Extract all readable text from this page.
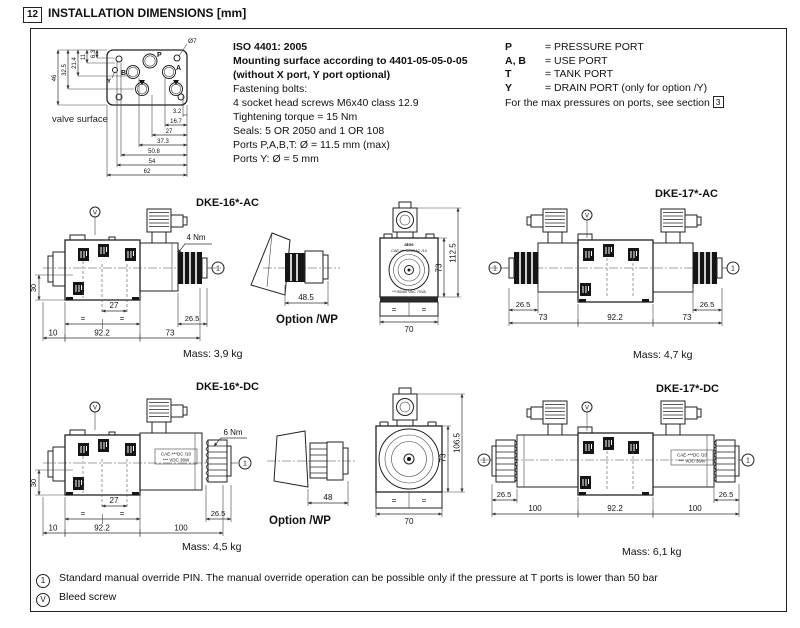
12 INSTALLATION DIMENSIONS [mm]
P
Ø7
B
A
Y
46
32.5
21.4
11 6.3
3.2
16.7
27
37.3
50.8
54
62
valve surface
ISO 4401: 2005
Mounting surface according to 4401-05-05-0-05
(without X port, Y port optional)
Fastening bolts:
4 socket head screws M6x40 class 12.9
Tightening torque = 15 Nm
Seals: 5 OR 2050 and 1 OR 108
Ports P,A,B,T: Ø = 11.5 mm (max)
Ports Y: Ø = 5 mm
P	= PRESSURE PORT
A, B	= USE PORT
T	= TANK PORT
Y	= DRAIN PORT (only for option /Y)
For the max pressures on ports, see section 3
DKE-16*-AC
V
1
4 Nm
27
=	=	26.5
10	92.2	73
30
Mass: 3,9 kg
48.5
Option /WP
atos
CAE-***/50/60AC /10
***/50/60 VAC 70VA
=	=
70
73
112.5
DKE-17*-AC
V
1	1
26.5	26.5
73	92.2	73
Mass: 4,7 kg
DKE-16*-DC
CAE-***DC /10
*** VDC 36W
V
1
6 Nm
27
=	=	26.5
10	92.2	100
30
Mass: 4,5 kg
48
Option /WP
=	=
70
73
106.5
DKE-17*-DC
CAE-***DC /10
*** VDC 36W
V
1	1
26.5	26.5
100	92.2	100
Mass: 6,1 kg
1 Standard manual override PIN. The manual override operation can be possible only if the pressure at T ports is lower than 50 bar
V Bleed screw
